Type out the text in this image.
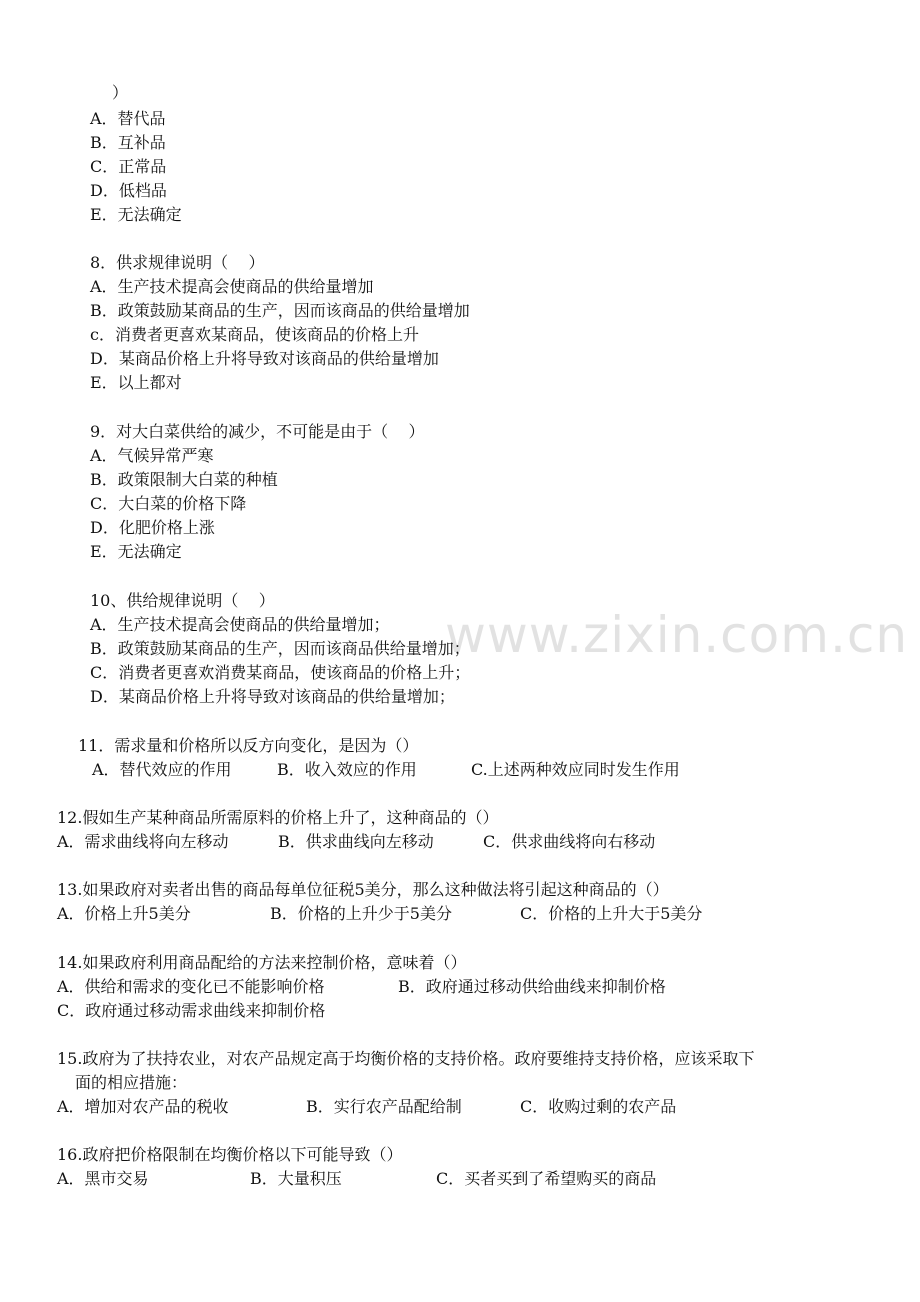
www.zixin.com.cn
）
A．替代品
B．互补品
C．正常品
D．低档品
E．无法确定
8．供求规律说明（    ）
A．生产技术提高会使商品的供给量增加
B．政策鼓励某商品的生产，因而该商品的供给量增加
c．消费者更喜欢某商品，使该商品的价格上升
D．某商品价格上升将导致对该商品的供给量增加
E．以上都对
9．对大白菜供给的减少，不可能是由于（    ）
A．气候异常严寒
B．政策限制大白菜的种植
C．大白菜的价格下降
D．化肥价格上涨
E．无法确定
10、供给规律说明（    ）
A．生产技术提高会使商品的供给量增加；
B．政策鼓励某商品的生产，因而该商品供给量增加；
C．消费者更喜欢消费某商品，使该商品的价格上升；
D．某商品价格上升将导致对该商品的供给量增加；
11．需求量和价格所以反方向变化，是因为（）
A．替代效应的作用	B．收入效应的作用	C.上述两种效应同时发生作用
12.假如生产某种商品所需原料的价格上升了，这种商品的（）
A．需求曲线将向左移动	B．供求曲线向左移动	C．供求曲线将向右移动
13.如果政府对卖者出售的商品每单位征税5美分，那么这种做法将引起这种商品的（）
A．价格上升5美分	B．价格的上升少于5美分	C．价格的上升大于5美分
14.如果政府利用商品配给的方法来控制价格，意味着（）
A．供给和需求的变化已不能影响价格	B．政府通过移动供给曲线来抑制价格
C．政府通过移动需求曲线来抑制价格
15.政府为了扶持农业，对农产品规定高于均衡价格的支持价格。政府要维持支持价格，应该采取下
面的相应措施：
A．增加对农产品的税收	B．实行农产品配给制	C．收购过剩的农产品
16.政府把价格限制在均衡价格以下可能导致（）
A．黑市交易	B．大量积压	C．买者买到了希望购买的商品
